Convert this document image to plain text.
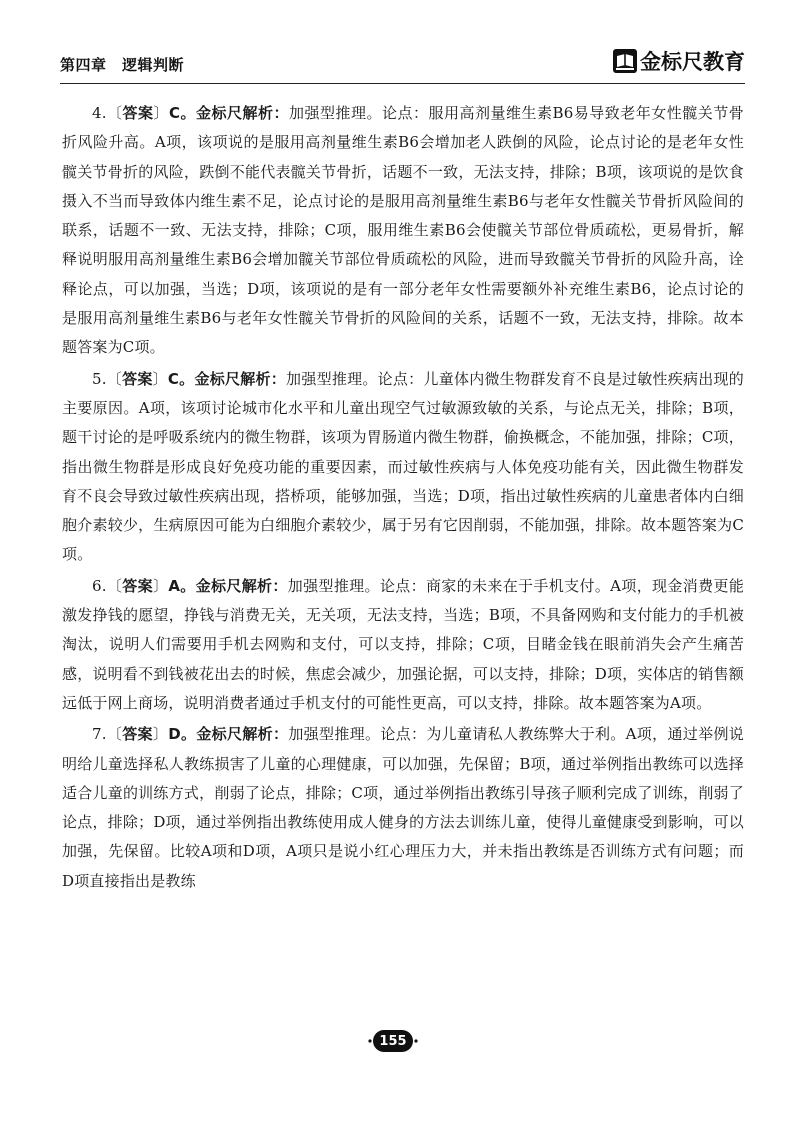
第四章　逻辑判断	金标尺教育

4.〔答案〕C。金标尺解析：加强型推理。论点：服用高剂量维生素B6易导致老年女性髋关节骨折风险升高。A项，该项说的是服用高剂量维生素B6会增加老人跌倒的风险，论点讨论的是老年女性髋关节骨折的风险，跌倒不能代表髋关节骨折，话题不一致，无法支持，排除；B项，该项说的是饮食摄入不当而导致体内维生素不足，论点讨论的是服用高剂量维生素B6与老年女性髋关节骨折风险间的联系，话题不一致、无法支持，排除；C项，服用维生素B6会使髋关节部位骨质疏松，更易骨折，解释说明服用高剂量维生素B6会增加髋关节部位骨质疏松的风险，进而导致髋关节骨折的风险升高，诠释论点，可以加强，当选；D项，该项说的是有一部分老年女性需要额外补充维生素B6，论点讨论的是服用高剂量维生素B6与老年女性髋关节骨折的风险间的关系，话题不一致，无法支持，排除。故本题答案为C项。

5.〔答案〕C。金标尺解析：加强型推理。论点：儿童体内微生物群发育不良是过敏性疾病出现的主要原因。A项，该项讨论城市化水平和儿童出现空气过敏源致敏的关系，与论点无关，排除；B项，题干讨论的是呼吸系统内的微生物群，该项为胃肠道内微生物群，偷换概念，不能加强，排除；C项，指出微生物群是形成良好免疫功能的重要因素，而过敏性疾病与人体免疫功能有关，因此微生物群发育不良会导致过敏性疾病出现，搭桥项，能够加强，当选；D项，指出过敏性疾病的儿童患者体内白细胞介素较少，生病原因可能为白细胞介素较少，属于另有它因削弱，不能加强，排除。故本题答案为C项。

6.〔答案〕A。金标尺解析：加强型推理。论点：商家的未来在于手机支付。A项，现金消费更能激发挣钱的愿望，挣钱与消费无关，无关项，无法支持，当选；B项，不具备网购和支付能力的手机被淘汰，说明人们需要用手机去网购和支付，可以支持，排除；C项，目睹金钱在眼前消失会产生痛苦感，说明看不到钱被花出去的时候，焦虑会减少，加强论据，可以支持，排除；D项，实体店的销售额远低于网上商场，说明消费者通过手机支付的可能性更高，可以支持，排除。故本题答案为A项。

7.〔答案〕D。金标尺解析：加强型推理。论点：为儿童请私人教练弊大于利。A项，通过举例说明给儿童选择私人教练损害了儿童的心理健康，可以加强，先保留；B项，通过举例指出教练可以选择适合儿童的训练方式，削弱了论点，排除；C项，通过举例指出教练引导孩子顺利完成了训练，削弱了论点，排除；D项，通过举例指出教练使用成人健身的方法去训练儿童，使得儿童健康受到影响，可以加强，先保留。比较A项和D项，A项只是说小红心理压力大，并未指出教练是否训练方式有问题；而D项直接指出是教练

155
